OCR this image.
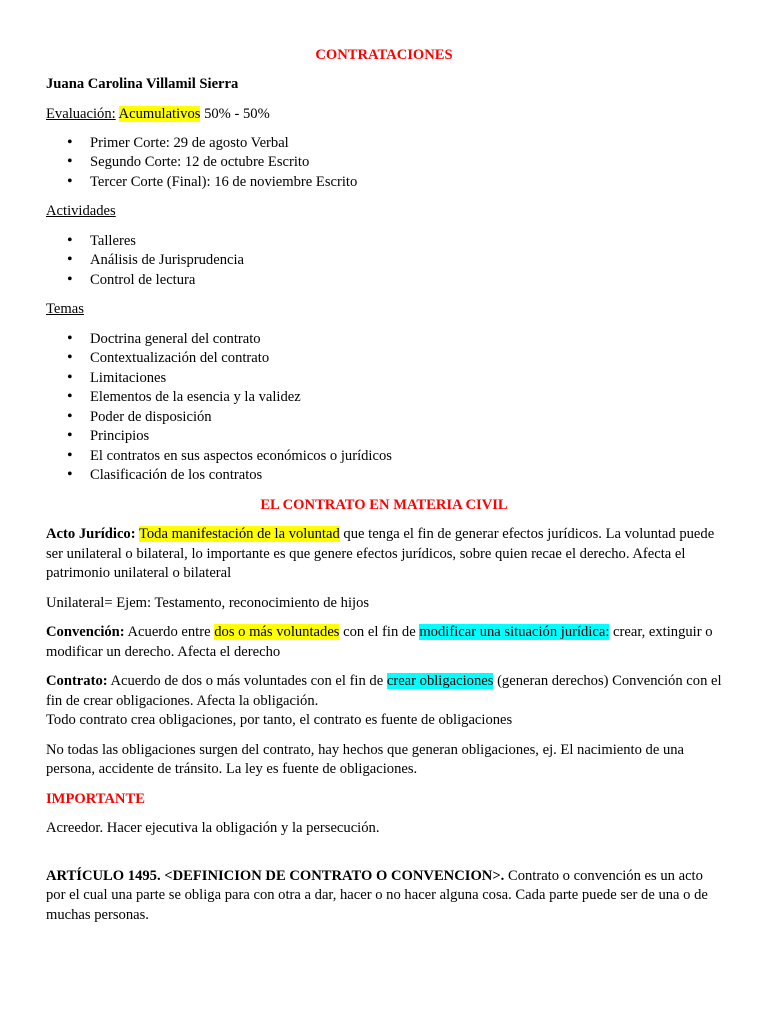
CONTRATACIONES

Juana Carolina Villamil Sierra

Evaluación: Acumulativos 50% - 50%

• Primer Corte: 29 de agosto Verbal
• Segundo Corte: 12 de octubre Escrito
• Tercer Corte (Final): 16 de noviembre Escrito

Actividades

• Talleres
• Análisis de Jurisprudencia
• Control de lectura

Temas

• Doctrina general del contrato
• Contextualización del contrato
• Limitaciones
• Elementos de la esencia y la validez
• Poder de disposición
• Principios
• El contratos en sus aspectos económicos o jurídicos
• Clasificación de los contratos

EL CONTRATO EN MATERIA CIVIL

Acto Jurídico: Toda manifestación de la voluntad que tenga el fin de generar efectos jurídicos. La voluntad puede ser unilateral o bilateral, lo importante es que genere efectos jurídicos, sobre quien recae el derecho. Afecta el patrimonio unilateral o bilateral

Unilateral= Ejem: Testamento, reconocimiento de hijos

Convención: Acuerdo entre dos o más voluntades con el fin de modificar una situación jurídica: crear, extinguir o modificar un derecho. Afecta el derecho

Contrato: Acuerdo de dos o más voluntades con el fin de crear obligaciones (generan derechos) Convención con el fin de crear obligaciones. Afecta la obligación.
Todo contrato crea obligaciones, por tanto, el contrato es fuente de obligaciones

No todas las obligaciones surgen del contrato, hay hechos que generan obligaciones, ej. El nacimiento de una persona, accidente de tránsito. La ley es fuente de obligaciones.

IMPORTANTE

Acreedor. Hacer ejecutiva la obligación y la persecución.

ARTÍCULO 1495. <DEFINICION DE CONTRATO O CONVENCION>. Contrato o convención es un acto por el cual una parte se obliga para con otra a dar, hacer o no hacer alguna cosa. Cada parte puede ser de una o de muchas personas.
